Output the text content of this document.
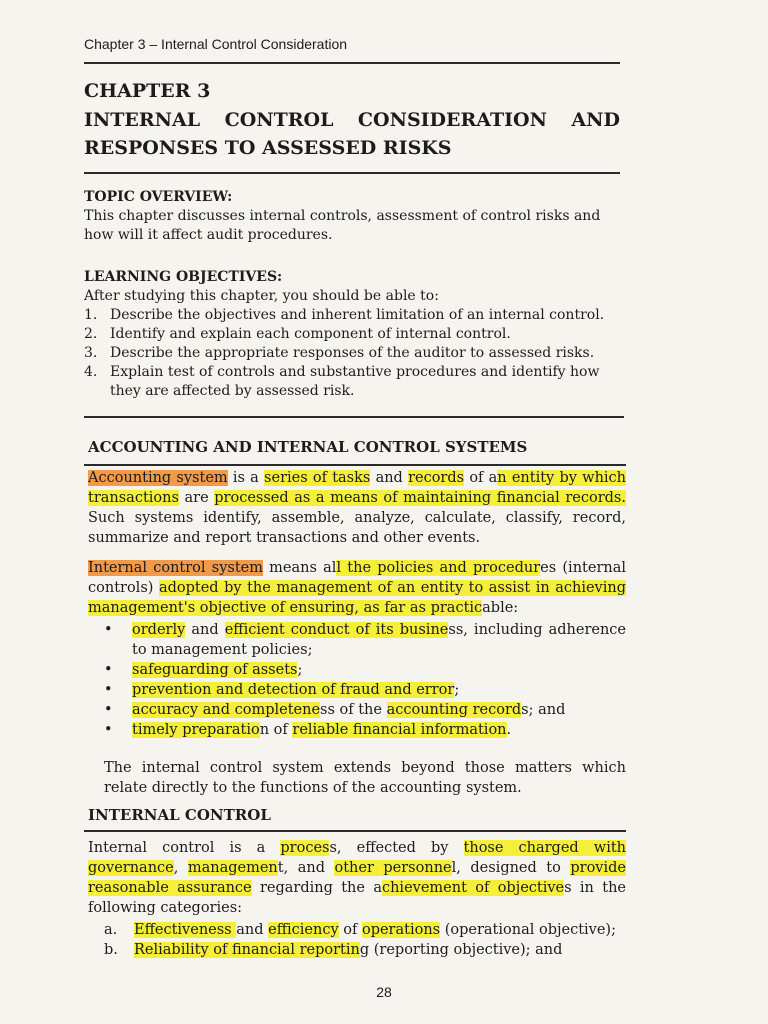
Chapter 3 – Internal Control Consideration
CHAPTER 3
INTERNAL CONTROL CONSIDERATION AND
RESPONSES TO ASSESSED RISKS
TOPIC OVERVIEW:
This chapter discusses internal controls, assessment of control risks and how will it affect audit procedures.
LEARNING OBJECTIVES:
After studying this chapter, you should be able to:
1. Describe the objectives and inherent limitation of an internal control.
2. Identify and explain each component of internal control.
3. Describe the appropriate responses of the auditor to assessed risks.
4. Explain test of controls and substantive procedures and identify how they are affected by assessed risk.
ACCOUNTING AND INTERNAL CONTROL SYSTEMS
Accounting system is a series of tasks and records of an entity by which transactions are processed as a means of maintaining financial records. Such systems identify, assemble, analyze, calculate, classify, record, summarize and report transactions and other events.
Internal control system means all the policies and procedures (internal controls) adopted by the management of an entity to assist in achieving management's objective of ensuring, as far as practicable:
• orderly and efficient conduct of its business, including adherence to management policies;
• safeguarding of assets;
• prevention and detection of fraud and error;
• accuracy and completeness of the accounting records; and
• timely preparation of reliable financial information.
The internal control system extends beyond those matters which relate directly to the functions of the accounting system.
INTERNAL CONTROL
Internal control is a process, effected by those charged with governance, management, and other personnel, designed to provide reasonable assurance regarding the achievement of objectives in the following categories:
a.	Effectiveness and efficiency of operations (operational objective);
b.	Reliability of financial reporting (reporting objective); and
28
